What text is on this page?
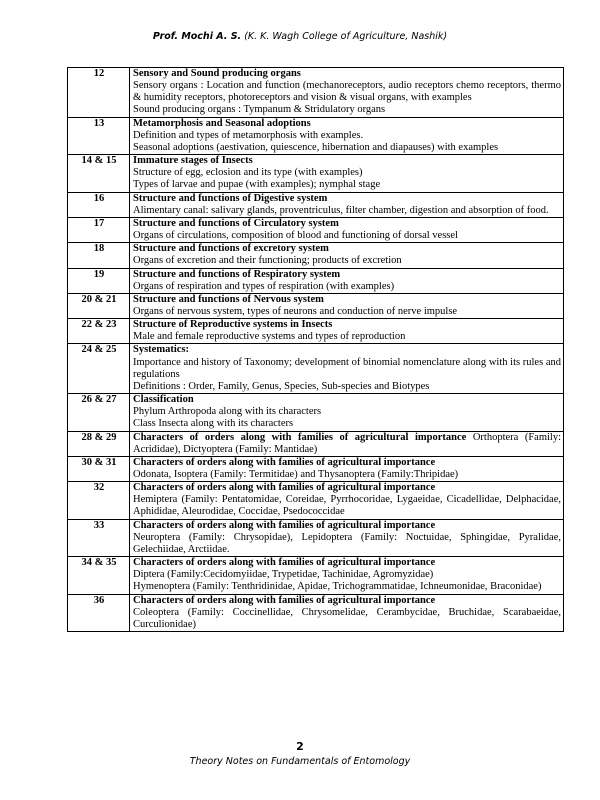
Prof. Mochi A. S. (K. K. Wagh College of Agriculture, Nashik)
12	Sensory and Sound producing organs
Sensory organs : Location and function (mechanoreceptors, audio receptors chemo receptors, thermo & humidity receptors, photoreceptors and vision & visual organs, with examples
Sound producing organs : Tympanum & Stridulatory organs

13	Metamorphosis and Seasonal adoptions
Definition and types of metamorphosis with examples.
Seasonal adoptions (aestivation, quiescence, hibernation and diapauses) with examples

14 & 15	Immature stages of Insects
Structure of egg, eclosion and its type (with examples)
Types of larvae and pupae (with examples); nymphal stage

16	Structure and functions of Digestive system
Alimentary canal: salivary glands, proventriculus, filter chamber, digestion and absorption of food.

17	Structure and functions of Circulatory system
Organs of circulations, composition of blood and functioning of dorsal vessel

18	Structure and functions of excretory system
Organs of excretion and their functioning; products of excretion

19	Structure and functions of Respiratory system
Organs of respiration and types of respiration (with examples)

20 & 21	Structure and functions of Nervous system
Organs of nervous system, types of neurons and conduction of nerve impulse

22 & 23	Structure of Reproductive systems in Insects
Male and female reproductive systems and types of reproduction

24 & 25	Systematics:
Importance and history of Taxonomy; development of binomial nomenclature along with its rules and regulations
Definitions : Order, Family, Genus, Species, Sub-species and Biotypes

26 & 27	Classification
Phylum Arthropoda along with its characters
Class Insecta along with its characters

28 & 29	Characters of orders along with families of agricultural importance Orthoptera (Family: Acrididae), Dictyoptera (Family: Mantidae)

30 & 31	Characters of orders along with families of agricultural importance
Odonata, Isoptera (Family: Termitidae) and Thysanoptera (Family:Thripidae)

32	Characters of orders along with families of agricultural importance
Hemiptera (Family: Pentatomidae, Coreidae, Pyrrhocoridae, Lygaeidae, Cicadellidae, Delphacidae, Aphididae, Aleurodidae, Coccidae, Psedococcidae

33	Characters of orders along with families of agricultural importance
Neuroptera (Family: Chrysopidae), Lepidoptera (Family: Noctuidae, Sphingidae, Pyralidae, Gelechiidae, Arctiidae.

34 & 35	Characters of orders along with families of agricultural importance
Diptera (Family:Cecidomyiidae, Trypetidae, Tachinidae, Agromyzidae)
Hymenoptera (Family: Tenthridinidae, Apidae, Trichogrammatidae, Ichneumonidae, Braconidae)

36	Characters of orders along with families of agricultural importance
Coleoptera (Family: Coccinellidae, Chrysomelidae, Cerambycidae, Bruchidae, Scarabaeidae, Curculionidae)
2
Theory Notes on Fundamentals of Entomology
